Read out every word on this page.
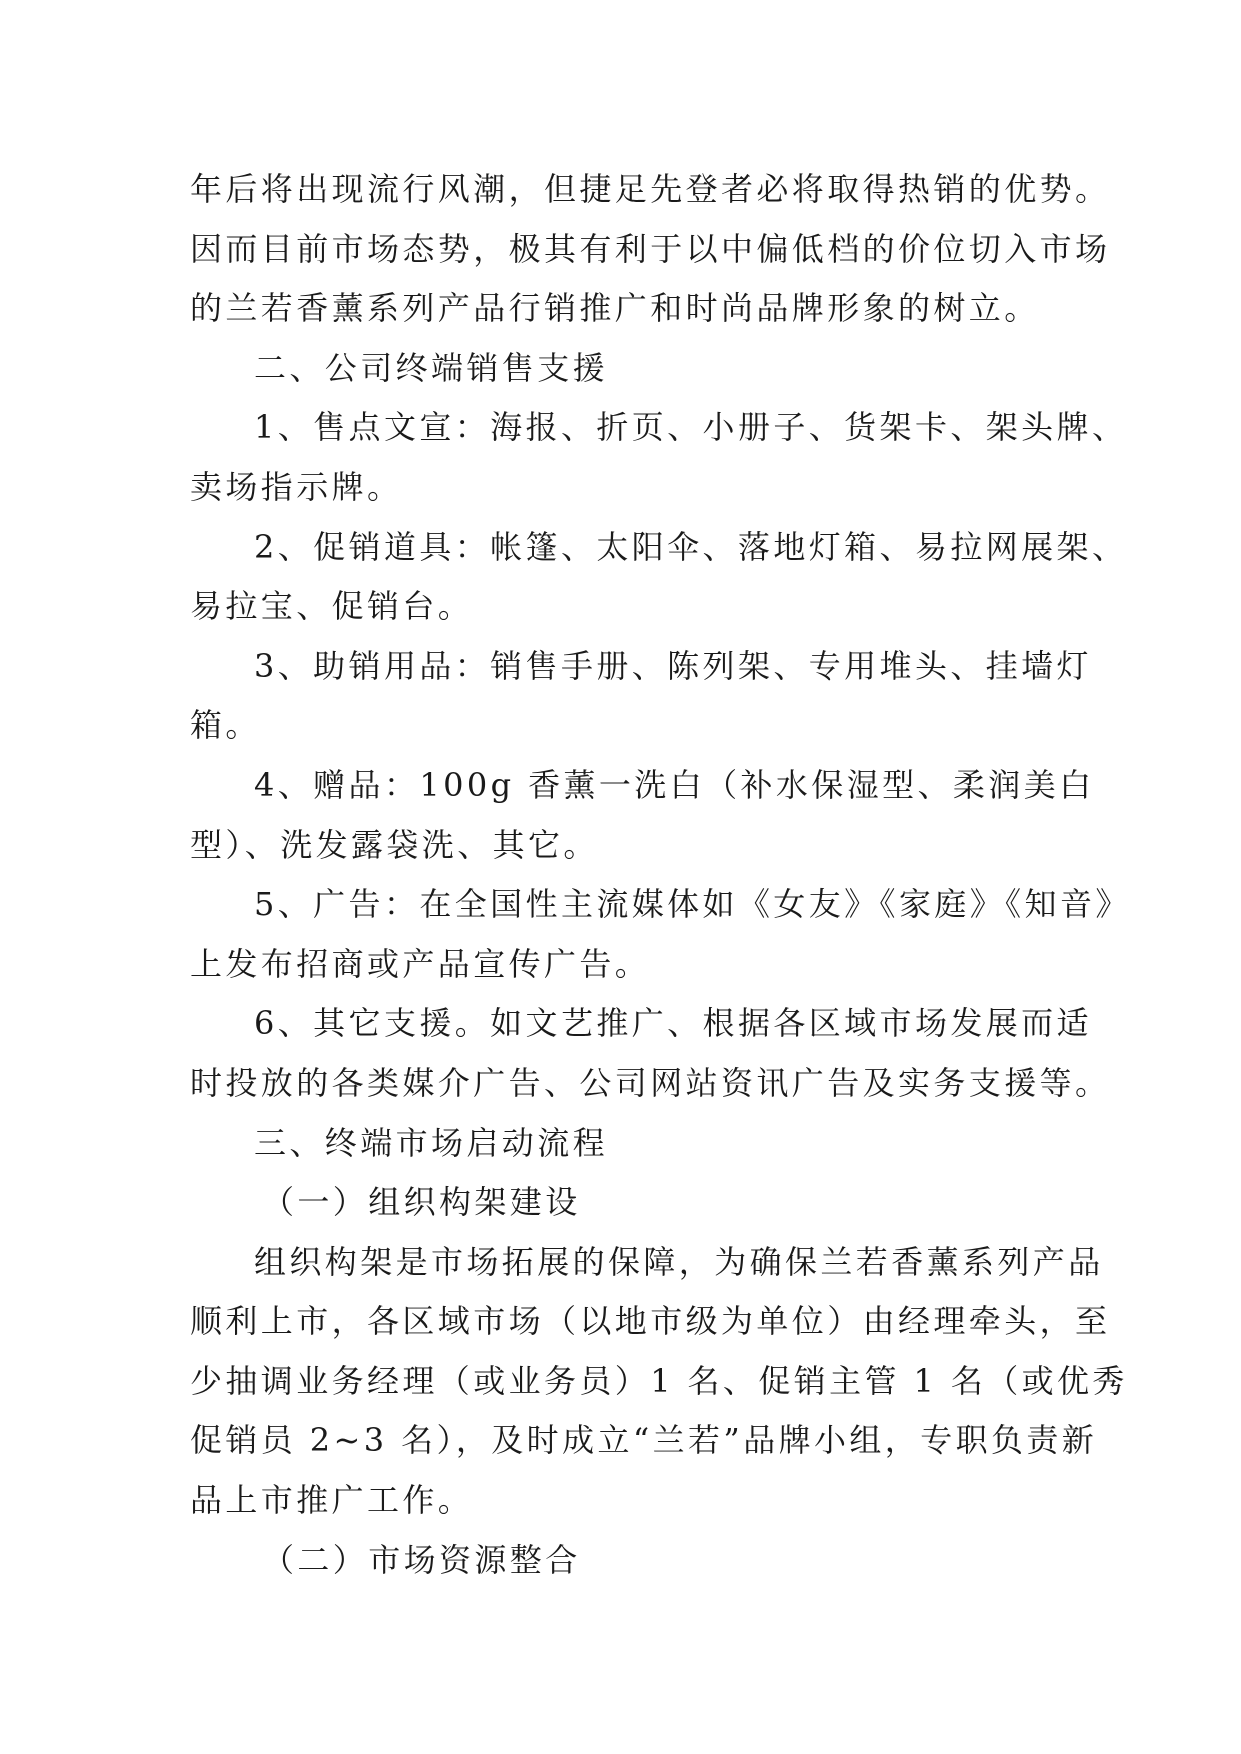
年后将出现流行风潮，但捷足先登者必将取得热销的优势。
因而目前市场态势，极其有利于以中偏低档的价位切入市场
的兰若香薰系列产品行销推广和时尚品牌形象的树立。
二、公司终端销售支援
1、售点文宣：海报、折页、小册子、货架卡、架头牌、
卖场指示牌。
2、促销道具：帐篷、太阳伞、落地灯箱、易拉网展架、
易拉宝、促销台。
3、助销用品：销售手册、陈列架、专用堆头、挂墙灯
箱。
4、赠品：100g 香薰一洗白（补水保湿型、柔润美白
型）、洗发露袋洗、其它。
5、广告：在全国性主流媒体如《女友》《家庭》《知音》
上发布招商或产品宣传广告。
6、其它支援。如文艺推广、根据各区域市场发展而适
时投放的各类媒介广告、公司网站资讯广告及实务支援等。
三、终端市场启动流程
（一）组织构架建设
组织构架是市场拓展的保障，为确保兰若香薰系列产品
顺利上市，各区域市场（以地市级为单位）由经理牵头，至
少抽调业务经理（或业务员）1 名、促销主管 1 名（或优秀
促销员 2~3 名），及时成立“兰若”品牌小组，专职负责新
品上市推广工作。
（二）市场资源整合
